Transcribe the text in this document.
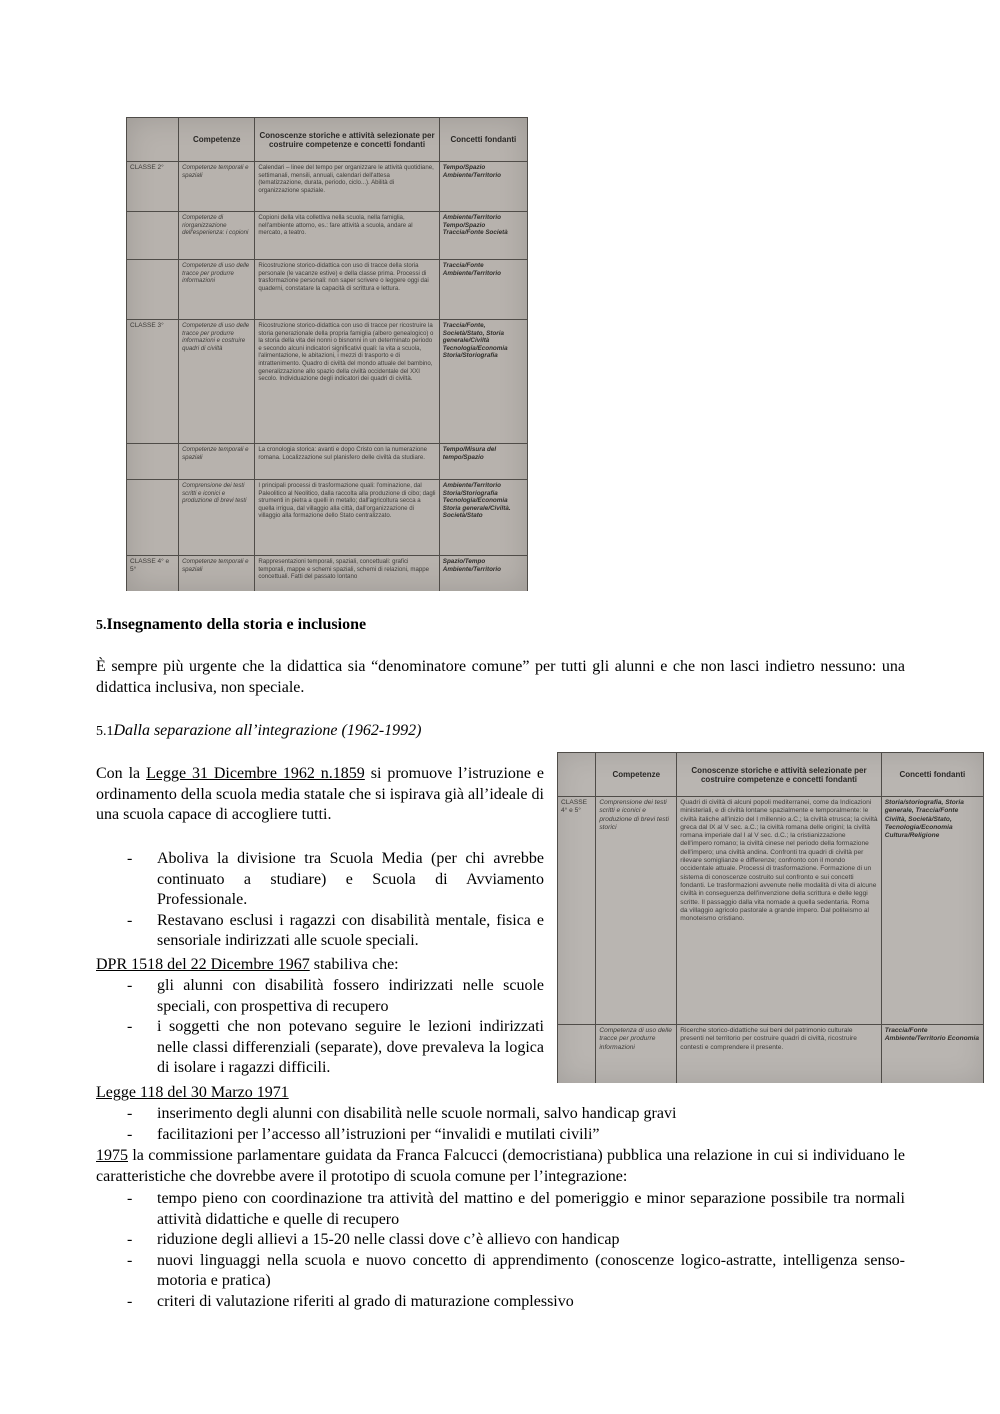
	Competenze	Conoscenze storiche e attività selezionate per costruire competenze e concetti fondanti	Concetti fondanti
CLASSE 2°	Competenze temporali e spaziali	Calendari – linee del tempo per organizzare le attività quotidiane, settimanali, mensili, annuali, calendari dell'attesa (tematizzazione, durata, periodo, ciclo...). Abilità di organizzazione spaziale.	Tempo/Spazio Ambiente/Territorio
	Competenze di riorganizzazione dell'esperienza: i copioni	Copioni della vita collettiva nella scuola, nella famiglia, nell'ambiente attorno, es.: fare attività a scuola, andare al mercato, a teatro.	Ambiente/Territorio Tempo/Spazio Traccia/Fonte Società
	Competenze di uso delle tracce per produrre informazioni	Ricostruzione storico-didattica con uso di tracce della storia personale (le vacanze estive) e della classe prima. Processi di trasformazione personali: non saper scrivere o leggere oggi dai quaderni, constatare la capacità di scrittura e lettura.	Traccia/Fonte Ambiente/Territorio
CLASSE 3°	Competenze di uso delle tracce per produrre informazioni e costruire quadri di civiltà	Ricostruzione storico-didattica con uso di tracce per ricostruire la storia generazionale della propria famiglia (albero genealogico) o la storia della vita dei nonni o bisnonni in un determinato periodo e secondo alcuni indicatori significativi quali: la vita a scuola, l'alimentazione, le abitazioni, i mezzi di trasporto e di intrattenimento. Quadro di civiltà del mondo attuale del bambino, generalizzazione allo spazio della civiltà occidentale del XXI secolo. Individuazione degli indicatori dei quadri di civiltà.	Traccia/Fonte, Società/Stato, Storia generale/Civiltà Tecnologia/Economia Storia/Storiografia
	Competenze temporali e spaziali	La cronologia storica: avanti e dopo Cristo con la numerazione romana. Localizzazione sul planisfero delle civiltà da studiare.	Tempo/Misura del tempo/Spazio
	Comprensione dei testi scritti e iconici e produzione di brevi testi	I principali processi di trasformazione quali: l'ominazione, dal Paleolitico al Neolitico, dalla raccolta alla produzione di cibo; dagli strumenti in pietra a quelli in metallo; dall'agricoltura secca a quella irrigua, dal villaggio alla città, dall'organizzazione di villaggio alla formazione dello Stato centralizzato.	Ambiente/Territorio Storia/Storiografia Tecnologia/Economia Storia generale/Civiltà. Società/Stato
CLASSE 4° e 5°	Competenze temporali e spaziali	Rappresentazioni temporali, spaziali, concettuali: grafici temporali, mappe e schemi spaziali, schemi di relazioni, mappe concettuali. Fatti del passato lontano	Spazio/Tempo Ambiente/Territorio
5.Insegnamento della storia e inclusione
È sempre più urgente che la didattica sia “denominatore comune” per tutti gli alunni e che non lasci indietro nessuno: una didattica inclusiva, non speciale.
5.1Dalla separazione all’integrazione (1962-1992)
Con la Legge 31 Dicembre 1962 n.1859 si promuove l’istruzione e ordinamento della scuola media statale che si ispirava già all’ideale di una scuola capace di accogliere tutti.
- Aboliva la divisione tra Scuola Media (per chi avrebbe continuato a studiare) e Scuola di Avviamento Professionale.
- Restavano esclusi i ragazzi con disabilità mentale, fisica e sensoriale indirizzati alle scuole speciali.
DPR 1518 del 22 Dicembre 1967 stabiliva che:
- gli alunni con disabilità fossero indirizzati nelle scuole speciali, con prospettiva di recupero
- i soggetti che non potevano seguire le lezioni indirizzati nelle classi differenziali (separate), dove prevaleva la logica di isolare i ragazzi difficili.
	Competenze	Conoscenze storiche e attività selezionate per costruire competenze e concetti fondanti	Concetti fondanti
CLASSE 4° e 5°	Comprensione dei testi scritti e iconici e produzione di brevi testi storici	Quadri di civiltà di alcuni popoli mediterranei, come da Indicazioni ministeriali, e di civiltà lontane spazialmente e temporalmente: le civiltà italiche all'inizio del I millennio a.C.; la civiltà etrusca; la civiltà greca dal IX al V sec. a.C.; la civiltà romana delle origini; la civiltà romana imperiale dal I al V sec. d.C.; la cristianizzazione dell'impero romano; la civiltà cinese nel periodo della formazione dell'impero; una civiltà andina. Confronti tra quadri di civiltà per rilevare somiglianze e differenze; confronto con il mondo occidentale attuale. Processi di trasformazione. Formazione di un sistema di conoscenze costruito sul confronto e sui concetti fondanti. Le trasformazioni avvenute nelle modalità di vita di alcune civiltà in conseguenza dell'invenzione della scrittura e delle leggi scritte. Il passaggio dalla vita nomade a quella sedentaria. Roma da villaggio agricolo pastorale a grande impero. Dal politeismo al monoteismo cristiano.	Storia/storiografia, Storia generale, Traccia/Fonte Civiltà, Società/Stato, Tecnologia/Economia Cultura/Religione
	Competenza di uso delle tracce per produrre informazioni	Ricerche storico-didattiche sui beni del patrimonio culturale presenti nel territorio per costruire quadri di civiltà, ricostruire contesti e comprendere il presente.	Traccia/Fonte Ambiente/Territorio Economia
Legge 118 del 30 Marzo 1971
- inserimento degli alunni con disabilità nelle scuole normali, salvo handicap gravi
- facilitazioni per l’accesso all’istruzioni per “invalidi e mutilati civili”
1975 la commissione parlamentare guidata da Franca Falcucci (democristiana) pubblica una relazione in cui si individuano le caratteristiche che dovrebbe avere il prototipo di scuola comune per l’integrazione:
- tempo pieno con coordinazione tra attività del mattino e del pomeriggio e minor separazione possibile tra normali attività didattiche e quelle di recupero
- riduzione degli allievi a 15-20 nelle classi dove c’è allievo con handicap
- nuovi linguaggi nella scuola e nuovo concetto di apprendimento (conoscenze logico-astratte, intelligenza senso-motoria e pratica)
- criteri di valutazione riferiti al grado di maturazione complessivo
